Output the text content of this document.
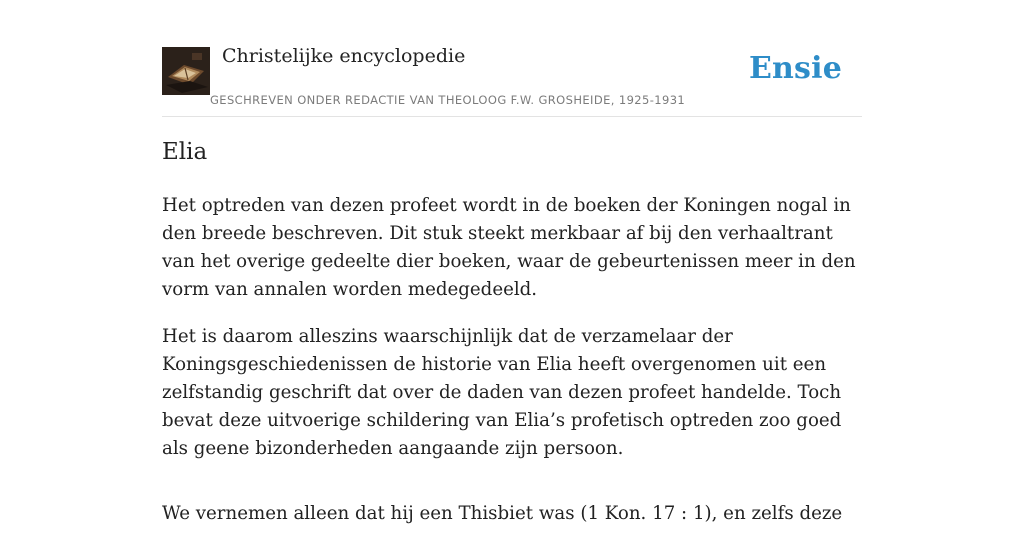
Christelijke encyclopedie
GESCHREVEN ONDER REDACTIE VAN THEOLOOG F.W. GROSHEIDE, 1925-1931
Ensie
Elia

Het optreden van dezen profeet wordt in de boeken der Koningen nogal in den breede beschreven. Dit stuk steekt merkbaar af bij den verhaaltrant van het overige gedeelte dier boeken, waar de gebeurtenissen meer in den vorm van annalen worden medegedeeld.

Het is daarom alleszins waarschijnlijk dat de verzamelaar der Koningsgeschiedenissen de historie van Elia heeft overgenomen uit een zelfstandig geschrift dat over de daden van dezen profeet handelde. Toch bevat deze uitvoerige schildering van Elia’s profetisch optreden zoo goed als geene bizonderheden aangaande zijn persoon.

We vernemen alleen dat hij een Thisbiet was (1 Kon. 17 : 1), en zelfs deze
